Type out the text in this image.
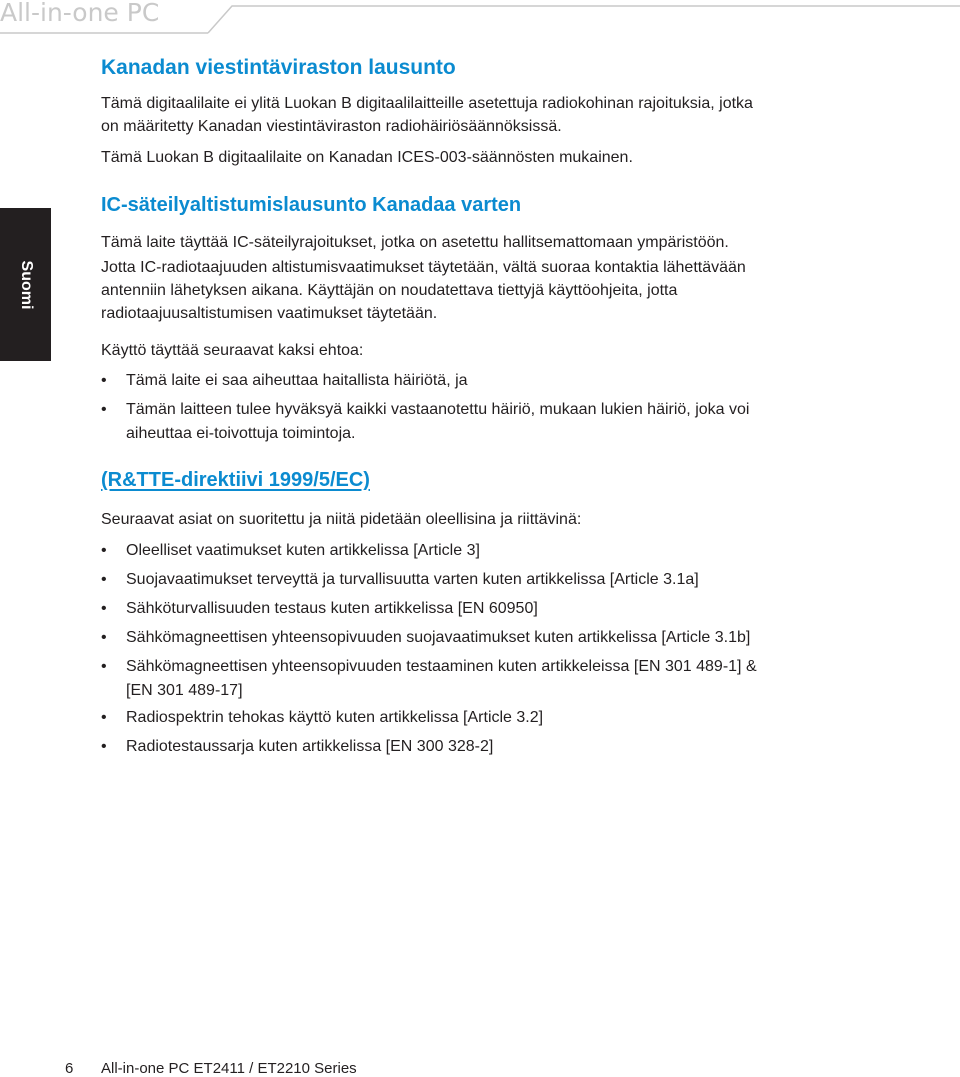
All-in-one PC
Suomi
Kanadan viestintäviraston lausunto
Tämä digitaalilaite ei ylitä Luokan B digitaalilaitteille asetettuja radiokohinan rajoituksia, jotka
on määritetty Kanadan viestintäviraston radiohäiriösäännöksissä.
Tämä Luokan B digitaalilaite on Kanadan ICES-003-säännösten mukainen.
IC-säteilyaltistumislausunto Kanadaa varten
Tämä laite täyttää IC-säteilyrajoitukset, jotka on asetettu hallitsemattomaan ympäristöön.
Jotta IC-radiotaajuuden altistumisvaatimukset täytetään, vältä suoraa kontaktia lähettävään
antenniin lähetyksen aikana. Käyttäjän on noudatettava tiettyjä käyttöohjeita, jotta
radiotaajuusaltistumisen vaatimukset täytetään.
Käyttö täyttää seuraavat kaksi ehtoa:
• Tämä laite ei saa aiheuttaa haitallista häiriötä, ja
• Tämän laitteen tulee hyväksyä kaikki vastaanotettu häiriö, mukaan lukien häiriö, joka voi
aiheuttaa ei-toivottuja toimintoja.
(R&TTE-direktiivi 1999/5/EC)
Seuraavat asiat on suoritettu ja niitä pidetään oleellisina ja riittävinä:
• Oleelliset vaatimukset kuten artikkelissa [Article 3]
• Suojavaatimukset terveyttä ja turvallisuutta varten kuten artikkelissa [Article 3.1a]
• Sähköturvallisuuden testaus kuten artikkelissa [EN 60950]
• Sähkömagneettisen yhteensopivuuden suojavaatimukset kuten artikkelissa [Article 3.1b]
• Sähkömagneettisen yhteensopivuuden testaaminen kuten artikkeleissa [EN 301 489-1] &
[EN 301 489-17]
• Radiospektrin tehokas käyttö kuten artikkelissa [Article 3.2]
• Radiotestaussarja kuten artikkelissa [EN 300 328-2]
6 All-in-one PC ET2411 / ET2210 Series
